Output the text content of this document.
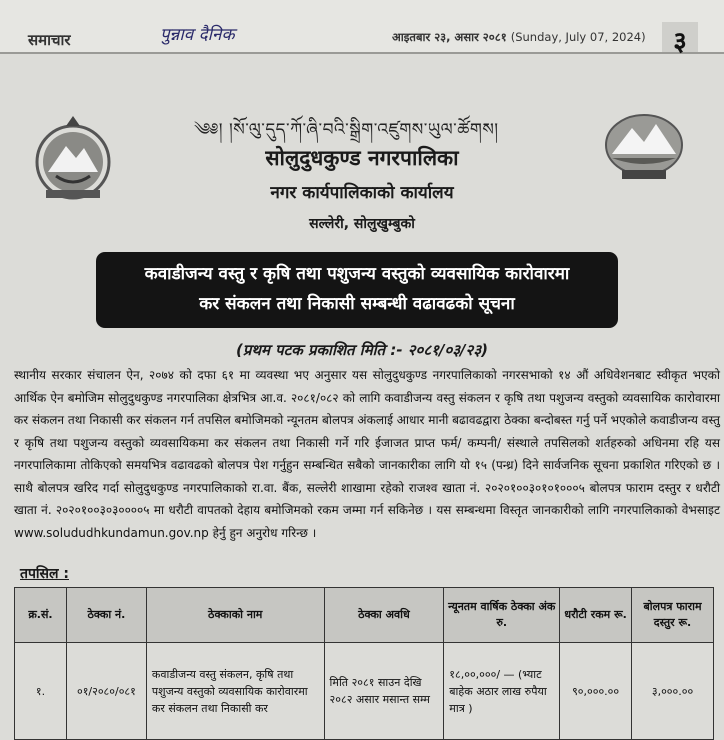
समाचार	पुन्नाव दैनिक	आइतबार २३, असार २०८१ (Sunday, July 07, 2024)	३
༄༅། །སོ་ལུ་དུད་ཀོ་ཞི་བའི་སྒྲིག་འཛུགས་ཡུལ་ཚོགས།
सोलुदुधकुण्ड नगरपालिका
नगर कार्यपालिकाको कार्यालय
सल्लेरी, सोलुखुम्बुको
कवाडीजन्य वस्तु र कृषि तथा पशुजन्य वस्तुको व्यवसायिक कारोवारमा
कर संकलन तथा निकासी सम्बन्धी वढावढको सूचना
(प्रथम पटक प्रकाशित मिति :- २०८१/०३/२३)
स्थानीय सरकार संचालन ऐन, २०७४ को दफा ६१ मा व्यवस्था भए अनुसार यस सोलुदुधकुण्ड नगरपालिकाको नगरसभाको १४ औं अधिवेशनबाट स्वीकृत भएको आर्थिक ऐन बमोजिम सोलुदुधकुण्ड नगरपालिका क्षेत्रभित्र आ.व. २०८१/०८२ को लागि कवाडीजन्य वस्तु संकलन र कृषि तथा पशुजन्य वस्तुको व्यवसायिक कारोवारमा कर संकलन तथा निकासी कर संकलन गर्न तपसिल बमोजिमको न्यूनतम बोलपत्र अंकलाई आधार मानी बढावढद्वारा ठेक्का बन्दोबस्त गर्नु पर्ने भएकोले कवाडीजन्य वस्तु र कृषि तथा पशुजन्य वस्तुको व्यवसायिकमा कर संकलन तथा निकासी गर्ने गरि ईजाजत प्राप्त फर्म/ कम्पनी/ संस्थाले तपसिलको शर्तहरुको अधिनमा रहि यस नगरपालिकामा तोकिएको समयभित्र वढावढको बोलपत्र पेश गर्नुहुन सम्बन्धित सबैको जानकारीका लागि यो १५ (पन्ध्र) दिने सार्वजनिक सूचना प्रकाशित गरिएको छ । साथै बोलपत्र खरिद गर्दा सोलुदुधकुण्ड नगरपालिकाको रा.वा. बैंक, सल्लेरी शाखामा रहेको राजश्व खाता नं. २०२०१००३०१०१०००५ बोलपत्र फाराम दस्तुर र धरौटी खाता नं. २०२०१००३०३००००५ मा धरौटी वापतको देहाय बमोजिमको रकम जम्मा गर्न सकिनेछ । यस सम्बन्धमा विस्तृत जानकारीको लागि नगरपालिकाको वेभसाइट www.solududhkundamun.gov.np हेर्नु हुन अनुरोध गरिन्छ ।
तपसिल :
क्र.सं.	ठेक्का नं.	ठेक्काको नाम	ठेक्का अवधि	न्यूनतम वार्षिक ठेक्का अंक रु.	धरौटी रकम रू.	बोलपत्र फाराम दस्तुर रू.
१.	०१/२०८०/०८१	कवाडीजन्य वस्तु संकलन, कृषि तथा पशुजन्य वस्तुको व्यवसायिक कारोवारमा कर संकलन तथा निकासी कर	मिति २०८१ साउन देखि २०८२ असार मसान्त सम्म	१८,००,०००/ — (भ्याट बाहेक अठार लाख रुपैया मात्र )	९०,०००.००	३,०००.००
